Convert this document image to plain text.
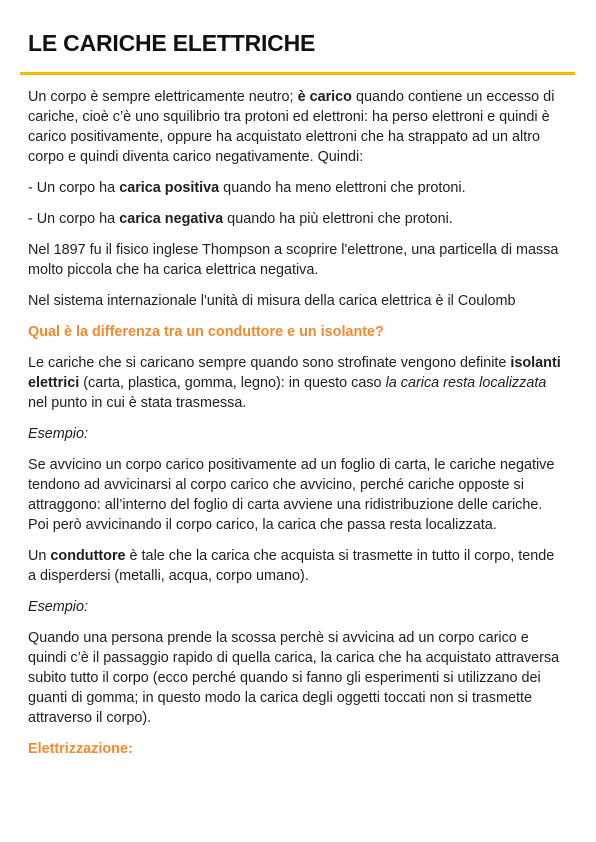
LE CARICHE ELETTRICHE

Un corpo è sempre elettricamente neutro; è carico quando contiene un eccesso di cariche, cioè c’è uno squilibrio tra protoni ed elettroni: ha perso elettroni e quindi è carico positivamente, oppure ha acquistato elettroni che ha strappato ad un altro corpo e quindi diventa carico negativamente. Quindi:

- Un corpo ha carica positiva quando ha meno elettroni che protoni.

- Un corpo ha carica negativa quando ha più elettroni che protoni.

Nel 1897 fu il fisico inglese Thompson a scoprire l'elettrone, una particella di massa molto piccola che ha carica elettrica negativa.

Nel sistema internazionale l'unità di misura della carica elettrica è il Coulomb

Qual è la differenza tra un conduttore e un isolante?

Le cariche che si caricano sempre quando sono strofinate vengono definite isolanti elettrici (carta, plastica, gomma, legno): in questo caso la carica resta localizzata nel punto in cui è stata trasmessa.

Esempio:

Se avvicino un corpo carico positivamente ad un foglio di carta, le cariche negative tendono ad avvicinarsi al corpo carico che avvicino, perché cariche opposte si attraggono: all’interno del foglio di carta avviene una ridistribuzione delle cariche. Poi però avvicinando il corpo carico, la carica che passa resta localizzata.

Un conduttore è tale che la carica che acquista si trasmette in tutto il corpo, tende a disperdersi (metalli, acqua, corpo umano).

Esempio:

Quando una persona prende la scossa perchè si avvicina ad un corpo carico e quindi c’è il passaggio rapido di quella carica, la carica che ha acquistato attraversa subito tutto il corpo (ecco perché quando si fanno gli esperimenti si utilizzano dei guanti di gomma; in questo modo la carica degli oggetti toccati non si trasmette attraverso il corpo).

Elettrizzazione:
